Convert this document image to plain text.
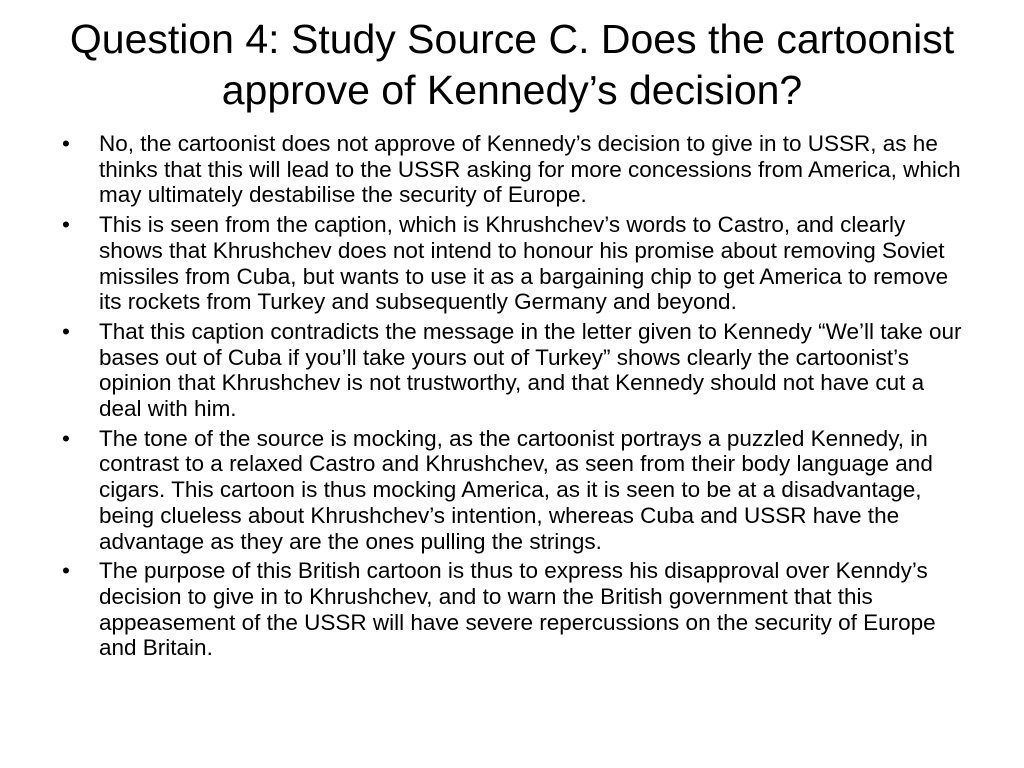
Question 4: Study Source C. Does the cartoonist approve of Kennedy’s decision?
• No, the cartoonist does not approve of Kennedy’s decision to give in to USSR, as he thinks that this will lead to the USSR asking for more concessions from America, which may ultimately destabilise the security of Europe.
• This is seen from the caption, which is Khrushchev’s words to Castro, and clearly shows that Khrushchev does not intend to honour his promise about removing Soviet missiles from Cuba, but wants to use it as a bargaining chip to get America to remove its rockets from Turkey and subsequently Germany and beyond.
• That this caption contradicts the message in the letter given to Kennedy “We’ll take our bases out of Cuba if you’ll take yours out of Turkey” shows clearly the cartoonist’s opinion that Khrushchev is not trustworthy, and that Kennedy should not have cut a deal with him.
• The tone of the source is mocking, as the cartoonist portrays a puzzled Kennedy, in contrast to a relaxed Castro and Khrushchev, as seen from their body language and cigars. This cartoon is thus mocking America, as it is seen to be at a disadvantage, being clueless about Khrushchev’s intention, whereas Cuba and USSR have the advantage as they are the ones pulling the strings.
• The purpose of this British cartoon is thus to express his disapproval over Kenndy’s decision to give in to Khrushchev, and to warn the British government that this appeasement of the USSR will have severe repercussions on the security of Europe and Britain.
